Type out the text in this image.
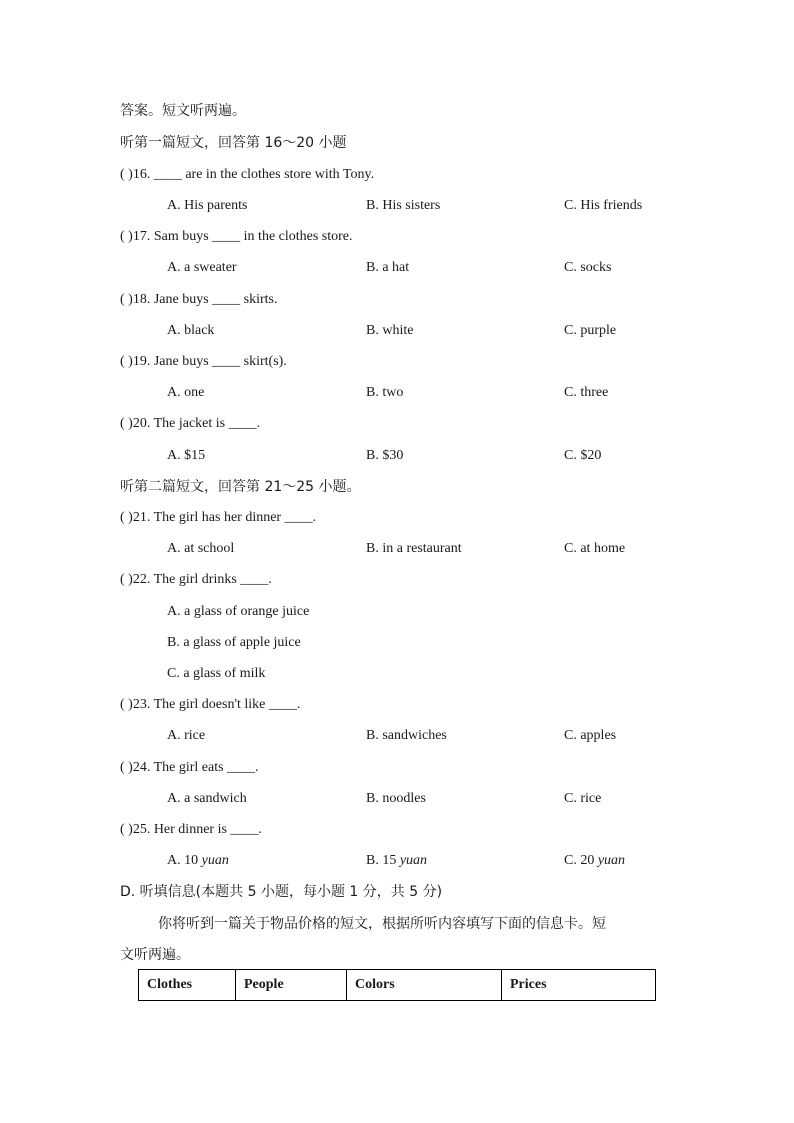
答案。短文听两遍。
听第一篇短文，回答第 16～20 小题
( )16. ____ are in the clothes store with Tony.
A. His parents	B. His sisters	C. His friends
( )17. Sam buys ____ in the clothes store.
A. a sweater	B. a hat	C. socks
( )18. Jane buys ____ skirts.
A. black	B. white	C. purple
( )19. Jane buys ____ skirt(s).
A. one	B. two	C. three
( )20. The jacket is ____.
A. $15	B. $30	C. $20
听第二篇短文，回答第 21～25 小题。
( )21. The girl has her dinner ____.
A. at school	B. in a restaurant	C. at home
( )22. The girl drinks ____.
A. a glass of orange juice
B. a glass of apple juice
C. a glass of milk
( )23. The girl doesn't like ____.
A. rice	B. sandwiches	C. apples
( )24. The girl eats ____.
A. a sandwich	B. noodles	C. rice
( )25. Her dinner is ____.
A. 10 yuan	B. 15 yuan	C. 20 yuan
D. 听填信息(本题共 5 小题，每小题 1 分，共 5 分)
你将听到一篇关于物品价格的短文，根据所听内容填写下面的信息卡。短
文听两遍。
Clothes	People	Colors	Prices
